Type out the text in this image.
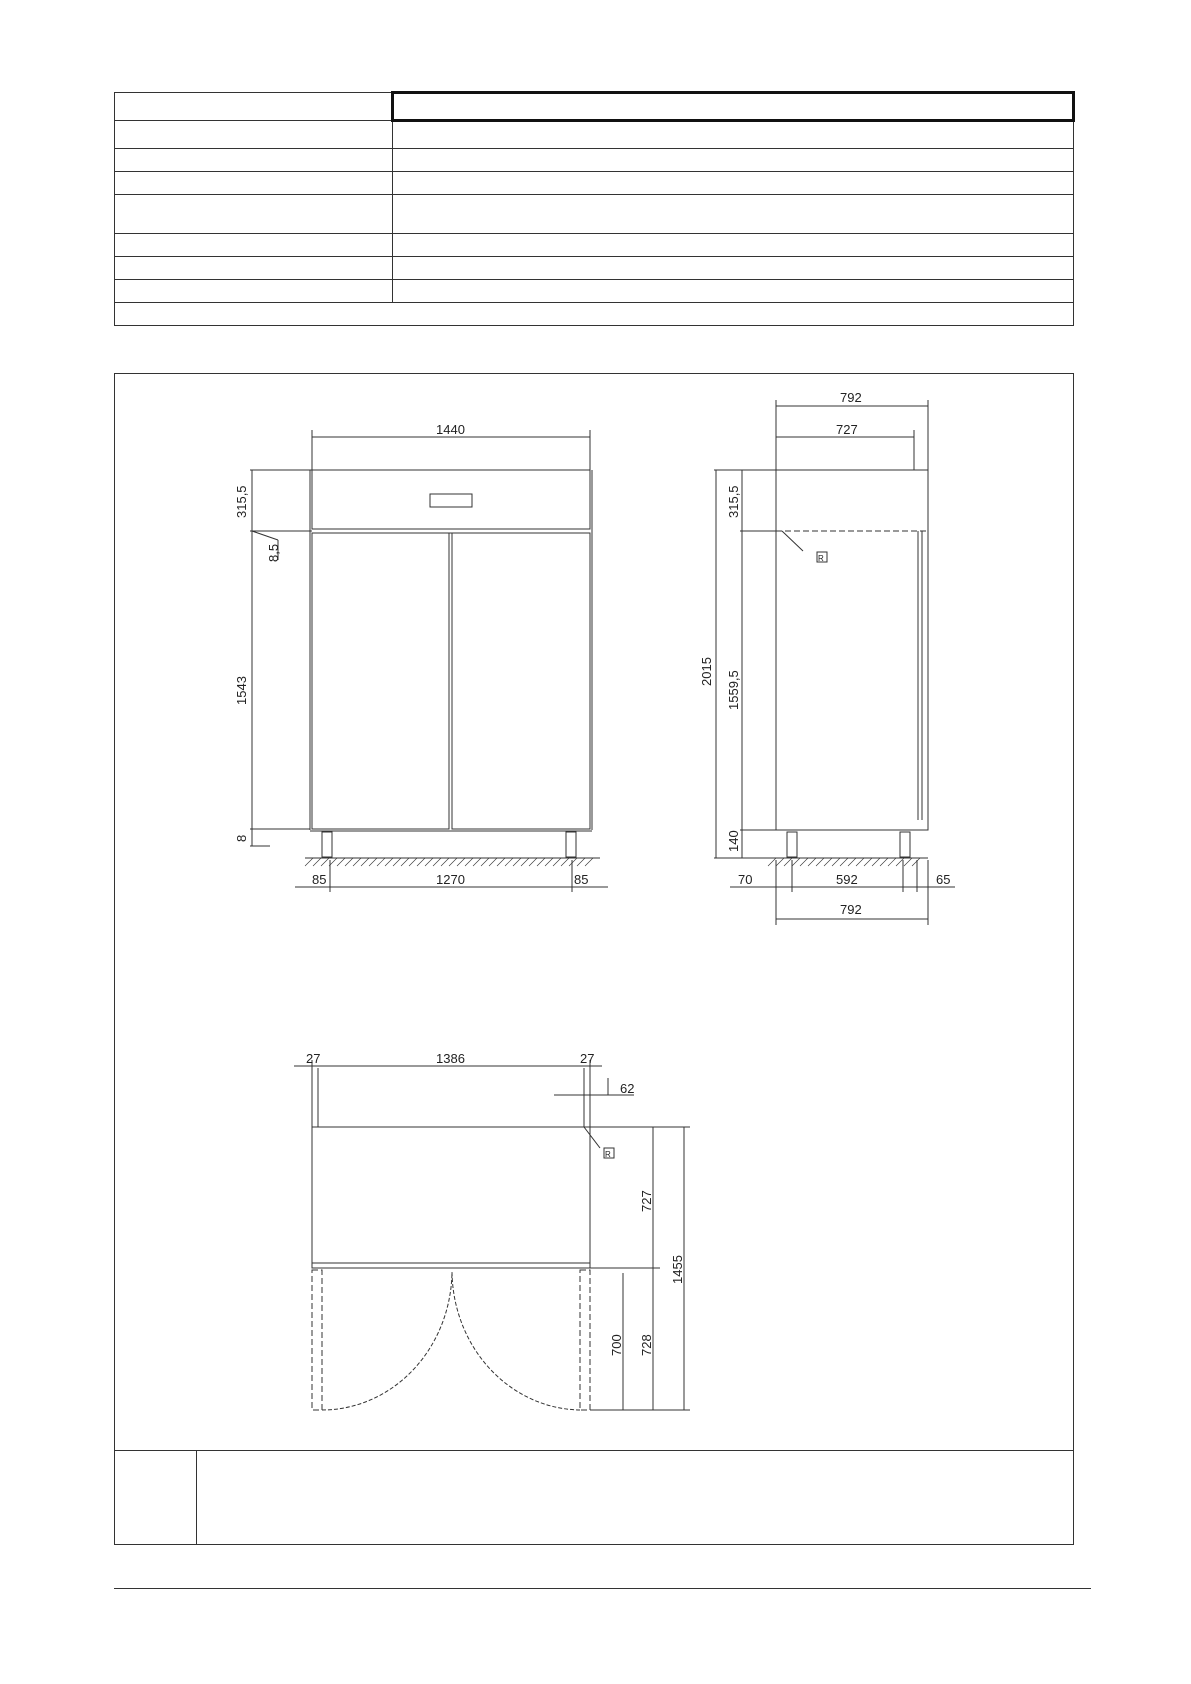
1440
315,5
8,5
1543
8
85	1270	85
R
792
727
315,5
2015 1559,5
140
70	592	65
792
R
27	1386	27
62
727
1455
700 728
